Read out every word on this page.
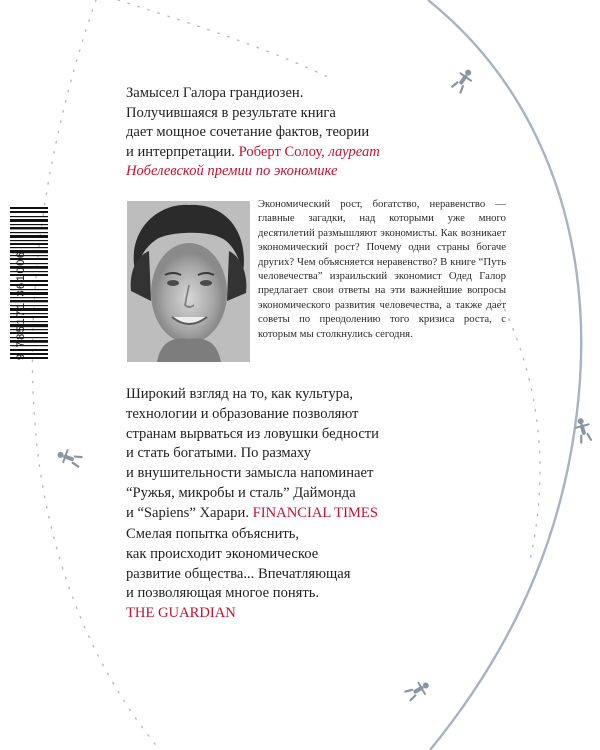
Замысел Галора грандиозен.
Получившаяся в результате книга
дает мощное сочетание фактов, теории
и интерпретации. Роберт Солоу, лауреат
Нобелевской премии по экономике
9 785171 361006
Экономический рост, богатство, неравенство — главные загадки, над которыми уже много десятилетий размышляют экономисты. Как возникает экономический рост? Почему одни страны богаче других? Чем объясняется неравенство? В книге “Путь человечества” израильский экономист Одед Галор предлагает свои ответы на эти важнейшие вопросы экономического развития человечества, а также дает советы по преодолению того кризиса роста, с которым мы столкнулись сегодня.
Широкий взгляд на то, как культура,
технологии и образование позволяют
странам вырваться из ловушки бедности
и стать богатыми. По размаху
и внушительности замысла напоминает
“Ружья, микробы и сталь” Даймонда
и “Sapiens” Харари. FINANCIAL TIMES
Смелая попытка объяснить,
как происходит экономическое
развитие общества... Впечатляющая
и позволяющая многое понять.
THE GUARDIAN
